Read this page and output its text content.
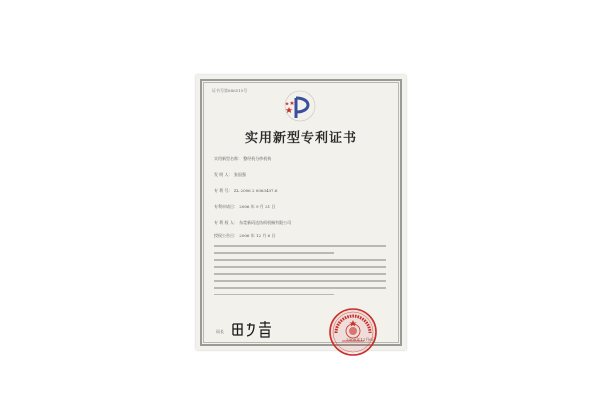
证书号第846515号
实用新型专利证书
实用新型名称： 整经机分纱机构
发 明 人： 张国强
专 利 号： ZL 2006 2 0063437.6
专利申请日： 2006 年 9 月 21 日
专 利 权 人： 东莞新码达纺织机械有限公司
授权公告日： 2006 年 12 月 6 日
局长
2006年12月6日
